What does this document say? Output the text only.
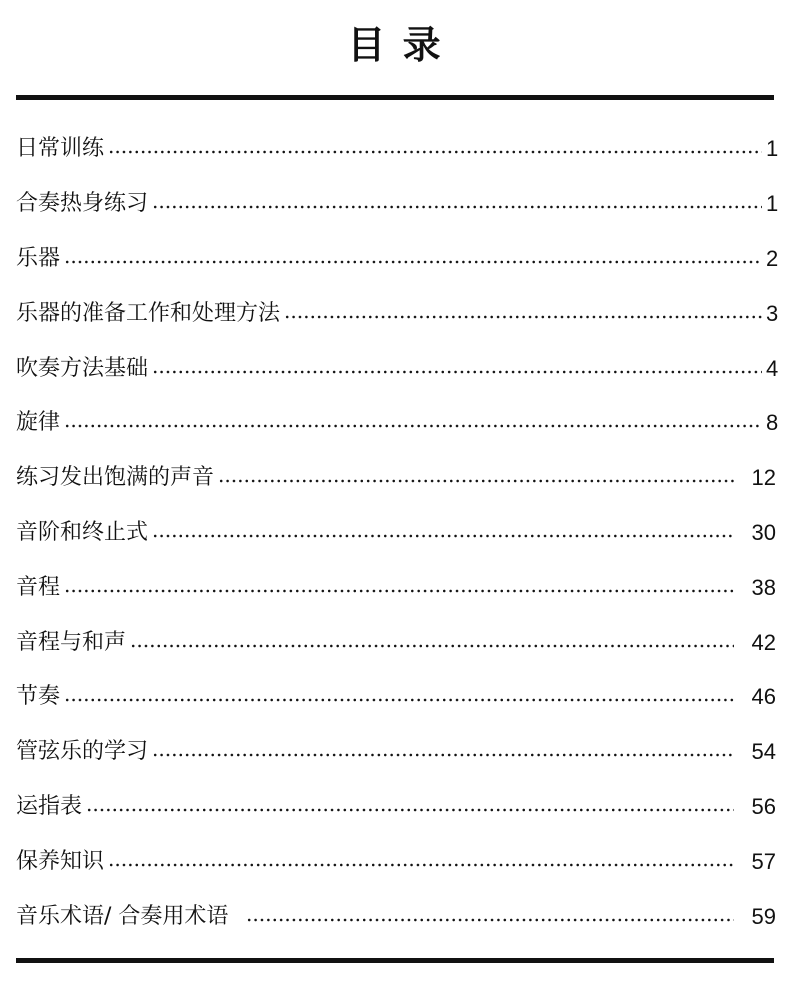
目 录
日常训练	1
合奏热身练习	1
乐器	2
乐器的准备工作和处理方法	3
吹奏方法基础	4
旋律	8
练习发出饱满的声音	12
音阶和终止式	30
音程	38
音程与和声	42
节奏	46
管弦乐的学习	54
运指表	56
保养知识	57
音乐术语/ 合奏用术语	59
